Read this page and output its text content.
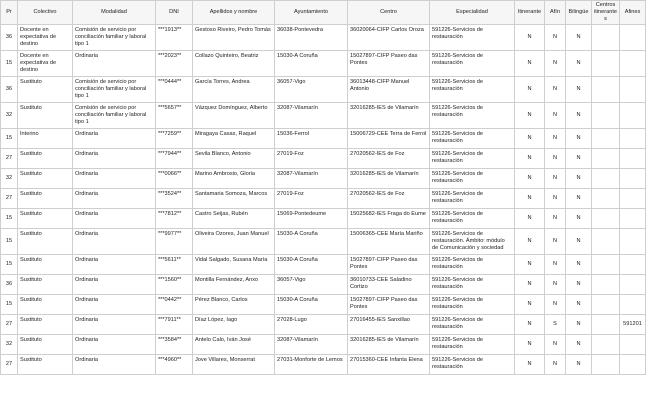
Pr	Colectivo	Modalidad	DNI	Apellidos y nombre	Ayuntamiento	Centro	Especialidad	Itinerante	Afín	Bilingüe	Centros itinerantes	Afines
36	Docente en expectativa de destino	Comisión de servicio por conciliación familiar y laboral tipo 1	***1913**	Gestoso Riveiro, Pedro Tomás	36038-Pontevedra	36020064-CIFP Carlos Oroza	591226-Servicios de restauración	N	N	N		
15	Docente en expectativa de destino	Ordinaria	***2023**	Collazo Quinteiro, Beatriz	15030-A Coruña	15027897-CIFP Paseo das Pontes	591226-Servicios de restauración	N	N	N		
36	Sustituto	Comisión de servicio por conciliación familiar y laboral tipo 1	***0444**	García Torres, Andrea	36057-Vigo	36013448-CIFP Manuel Antonio	591226-Servicios de restauración	N	N	N		
32	Sustituto	Comisión de servicio por conciliación familiar y laboral tipo 1	***5657**	Vázquez Domínguez, Alberto	32087-Vilamarín	32016285-IES de Vilamarín	591226-Servicios de restauración	N	N	N		
15	Interino	Ordinaria	***7259**	Miragaya Casas, Raquel	15036-Ferrol	15006729-CEE Terra de Ferrol	591226-Servicios de restauración	N	N	N		
27	Sustituto	Ordinaria	***7944**	Sevila Blanco, Antonio	27019-Foz	27020562-IES de Foz	591226-Servicios de restauración	N	N	N		
32	Sustituto	Ordinaria	***0066**	Marino Ambrosio, Gloria	32087-Vilamarín	32016285-IES de Vilamarín	591226-Servicios de restauración	N	N	N		
27	Sustituto	Ordinaria	***3524**	Santamaria Somoza, Marcos	27019-Foz	27020562-IES de Foz	591226-Servicios de restauración	N	N	N		
15	Sustituto	Ordinaria	***7812**	Castro Seijas, Rubén	15069-Pontedeume	15025682-IES Fraga do Eume	591226-Servicios de restauración	N	N	N		
15	Sustituto	Ordinaria	***9977**	Oliveira Ozores, Juan Manuel	15030-A Coruña	15006365-CEE María Mariño	591226-Servicios de restauración. Ámbito: módulo de Comunicación y sociedad	N	N	N		
15	Sustituto	Ordinaria	***5611**	Vidal Salgado, Susana María	15030-A Coruña	15027897-CIFP Paseo das Pontes	591226-Servicios de restauración	N	N	N		
36	Sustituto	Ordinaria	***1560**	Montilla Fernández, Anxo	36057-Vigo	36010733-CEE Saladino Cortizo	591226-Servicios de restauración	N	N	N		
15	Sustituto	Ordinaria	***0442**	Pérez Blanco, Carlos	15030-A Coruña	15027897-CIFP Paseo das Pontes	591226-Servicios de restauración	N	N	N		
27	Sustituto	Ordinaria	***7911**	Díaz López, Iago	27028-Lugo	27016455-IES Sanxillao	591226-Servicios de restauración	N	S	N		591201
32	Sustituto	Ordinaria	***3584**	Antelo Calo, Iván José	32087-Vilamarín	32016285-IES de Vilamarín	591226-Servicios de restauración	N	N	N		
27	Sustituto	Ordinaria	***4960**	Jove Villares, Monserrat	27031-Monforte de Lemos	27015360-CEE Infanta Elena	591226-Servicios de restauración	N	N	N		
